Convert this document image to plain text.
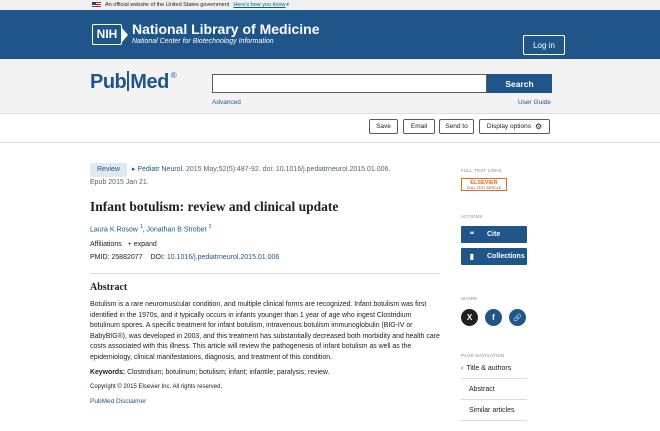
An official website of the United States government Here's how you know ▾
NIH	National Library of Medicine
National Center for Biotechnology Information	Log in
Pub Med ®
Search
Advanced	User Guide
Save	Email	Send to	Display options ⚙
Review ▸ Pediatr Neurol. 2015 May;52(5):487-92. doi: 10.1016/j.pediatrneurol.2015.01.006.
Epub 2015 Jan 21.
Infant botulism: review and clinical update
Laura K Rosow $^1$, Jonathan B Strober $^2$
Affiliations + expand
PMID: 25882077 DOI: 10.1016/j.pediatrneurol.2015.01.006
Abstract

Botulism is a rare neuromuscular condition, and multiple clinical forms are recognized. Infant botulism was first identified in the 1970s, and it typically occurs in infants younger than 1 year of age who ingest Clostridium botulinum spores. A specific treatment for infant botulism, intravenous botulism immunoglobulin (BIG-IV or BabyBIG®), was developed in 2003, and this treatment has substantially decreased both morbidity and health care costs associated with this illness. This article will review the pathogenesis of infant botulism as well as the epidemiology, clinical manifestations, diagnosis, and treatment of this condition.

Keywords: Clostridium; botulinum; botulism; infant; infantile; paralysis; review.

Copyright © 2015 Elsevier Inc. All rights reserved.

PubMed Disclaimer

FULL TEXT LINKS
ELSEVIER
FULL-TEXT ARTICLE
ACTIONS
❝	Cite
▮	Collections
SHARE
X	f	🔗
PAGE NAVIGATION
‹ Title & authors
Abstract
Similar articles
